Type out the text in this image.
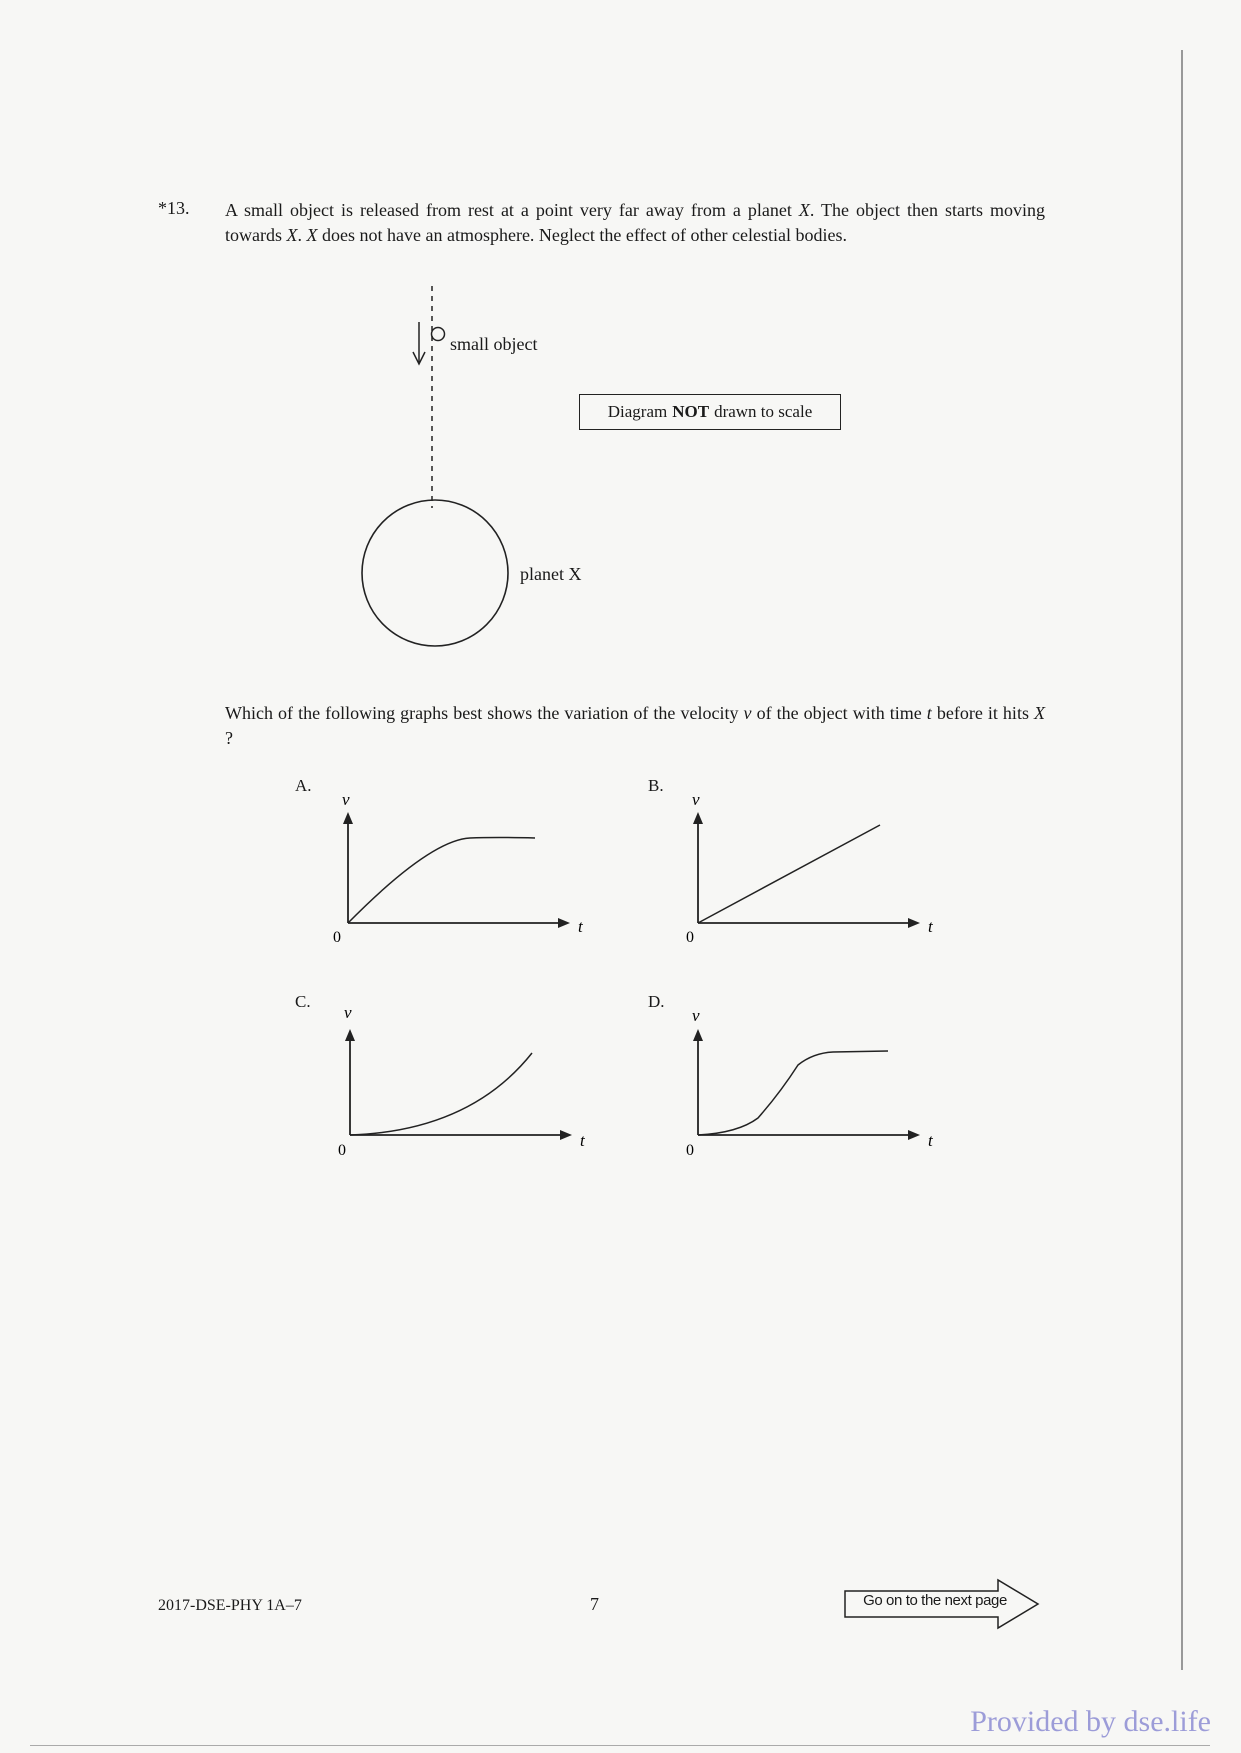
*13. A small object is released from rest at a point very far away from a planet X. The object then starts moving towards X. X does not have an atmosphere. Neglect the effect of other celestial bodies.
small object
planet X
Diagram NOT drawn to scale
Which of the following graphs best shows the variation of the velocity v of the object with time t before it hits X ?
A.
v
0
t
B.
v
0
t
C.
v
0
t
D.
v
0
t
2017-DSE-PHY 1A–7	7	Go on to the next page
Provided by dse.life
